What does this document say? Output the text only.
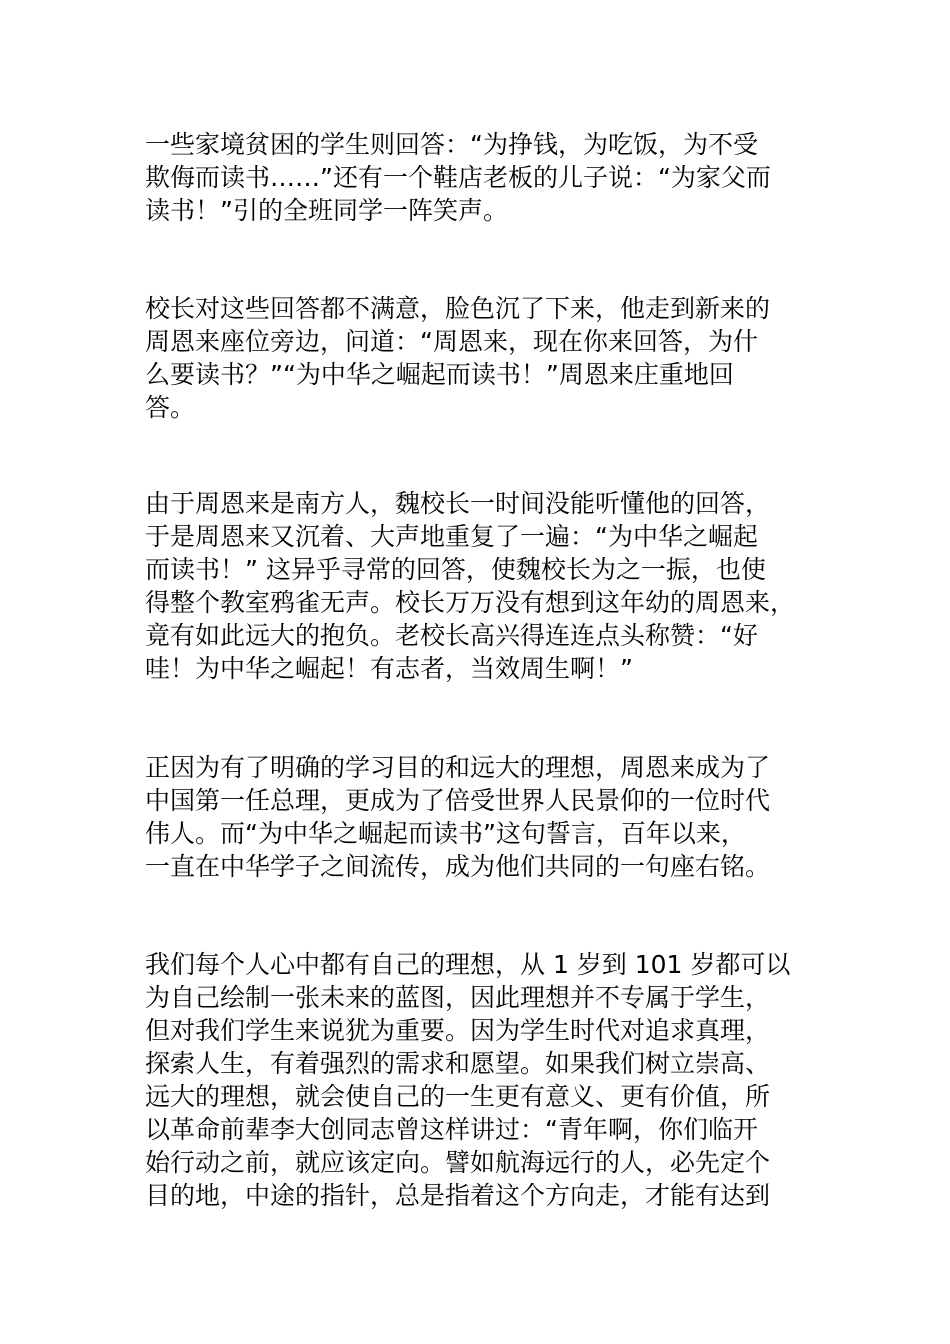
一些家境贫困的学生则回答：“为挣钱，为吃饭，为不受
欺侮而读书……”还有一个鞋店老板的儿子说：“为家父而
读书！”引的全班同学一阵笑声。

校长对这些回答都不满意，脸色沉了下来，他走到新来的
周恩来座位旁边，问道：“周恩来，现在你来回答，为什
么要读书？”“为中华之崛起而读书！”周恩来庄重地回
答。

由于周恩来是南方人，魏校长一时间没能听懂他的回答，
于是周恩来又沉着、大声地重复了一遍：“为中华之崛起
而读书！” 这异乎寻常的回答，使魏校长为之一振，也使
得整个教室鸦雀无声。校长万万没有想到这年幼的周恩来，
竟有如此远大的抱负。老校长高兴得连连点头称赞：“好
哇！为中华之崛起！有志者，当效周生啊！”

正因为有了明确的学习目的和远大的理想，周恩来成为了
中国第一任总理，更成为了倍受世界人民景仰的一位时代
伟人。而“为中华之崛起而读书”这句誓言，百年以来，
一直在中华学子之间流传，成为他们共同的一句座右铭。

我们每个人心中都有自己的理想，从 1 岁到 101 岁都可以
为自己绘制一张未来的蓝图，因此理想并不专属于学生，
但对我们学生来说犹为重要。因为学生时代对追求真理，
探索人生，有着强烈的需求和愿望。如果我们树立崇高、
远大的理想，就会使自己的一生更有意义、更有价值，所
以革命前辈李大创同志曾这样讲过：“青年啊，你们临开
始行动之前，就应该定向。譬如航海远行的人，必先定个
目的地，中途的指针，总是指着这个方向走，才能有达到
